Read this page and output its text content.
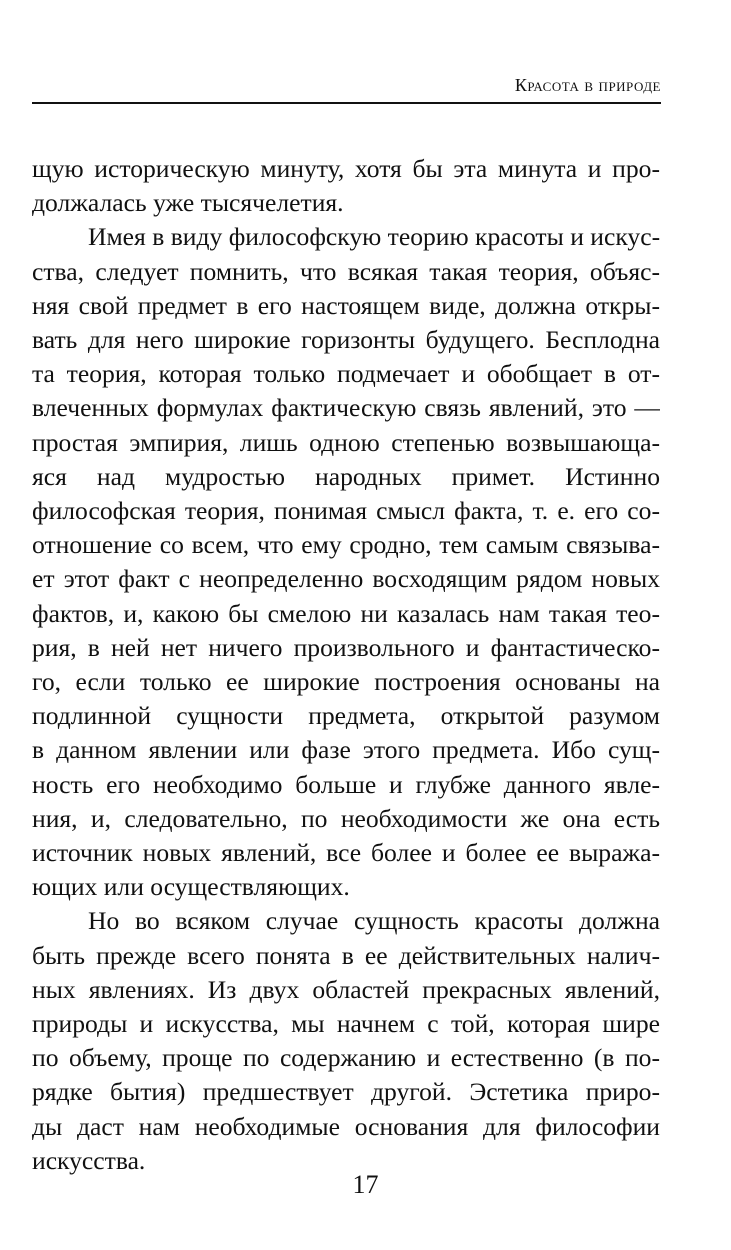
Красота в природе

щую историческую минуту, хотя бы эта минута и про-
должалась уже тысячелетия.

Имея в виду философскую теорию красоты и искус-
ства, следует помнить, что всякая такая теория, объяс-
няя свой предмет в его настоящем виде, должна откры-
вать для него широкие горизонты будущего. Бесплодна
та теория, которая только подмечает и обобщает в от-
влеченных формулах фактическую связь явлений, это —
простая эмпирия, лишь одною степенью возвышающа-
яся над мудростью народных примет. Истинно
философская теория, понимая смысл факта, т. е. его со-
отношение со всем, что ему сродно, тем самым связыва-
ет этот факт с неопределенно восходящим рядом новых
фактов, и, какою бы смелою ни казалась нам такая тео-
рия, в ней нет ничего произвольного и фантастическо-
го, если только ее широкие построения основаны на
подлинной сущности предмета, открытой разумом
в данном явлении или фазе этого предмета. Ибо сущ-
ность его необходимо больше и глубже данного явле-
ния, и, следовательно, по необходимости же она есть
источник новых явлений, все более и более ее выража-
ющих или осуществляющих.

Но во всяком случае сущность красоты должна
быть прежде всего понята в ее действительных налич-
ных явлениях. Из двух областей прекрасных явлений,
природы и искусства, мы начнем с той, которая шире
по объему, проще по содержанию и естественно (в по-
рядке бытия) предшествует другой. Эстетика приро-
ды даст нам необходимые основания для философии
искусства.

17
